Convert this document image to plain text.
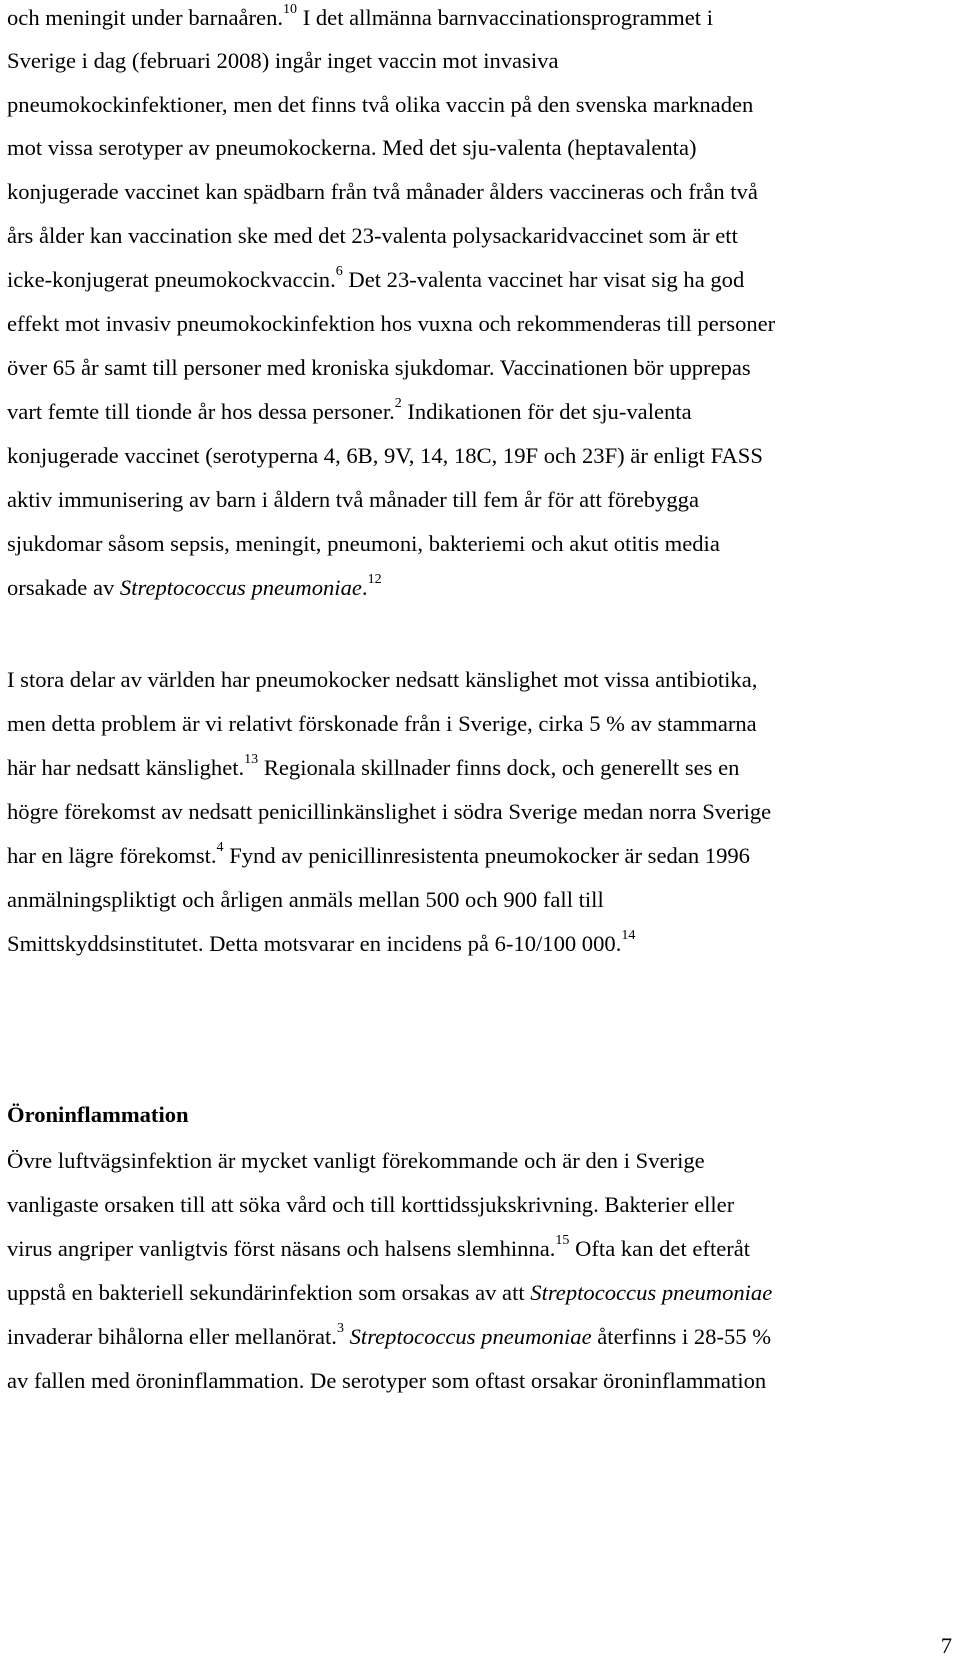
och meningit under barnaåren.$^{10}$ I det allmänna barnvaccinationsprogrammet i
Sverige i dag (februari 2008) ingår inget vaccin mot invasiva
pneumokockinfektioner, men det finns två olika vaccin på den svenska marknaden
mot vissa serotyper av pneumokockerna. Med det sju-valenta (heptavalenta)
konjugerade vaccinet kan spädbarn från två månader ålders vaccineras och från två
års ålder kan vaccination ske med det 23-valenta polysackaridvaccinet som är ett
icke-konjugerat pneumokockvaccin.$^6$ Det 23-valenta vaccinet har visat sig ha god
effekt mot invasiv pneumokockinfektion hos vuxna och rekommenderas till personer
över 65 år samt till personer med kroniska sjukdomar. Vaccinationen bör upprepas
vart femte till tionde år hos dessa personer.$^2$ Indikationen för det sju-valenta
konjugerade vaccinet (serotyperna 4, 6B, 9V, 14, 18C, 19F och 23F) är enligt FASS
aktiv immunisering av barn i åldern två månader till fem år för att förebygga
sjukdomar såsom sepsis, meningit, pneumoni, bakteriemi och akut otitis media
orsakade av Streptococcus pneumoniae.$^{12}$
I stora delar av världen har pneumokocker nedsatt känslighet mot vissa antibiotika,
men detta problem är vi relativt förskonade från i Sverige, cirka 5 % av stammarna
här har nedsatt känslighet.$^{13}$ Regionala skillnader finns dock, och generellt ses en
högre förekomst av nedsatt penicillinkänslighet i södra Sverige medan norra Sverige
har en lägre förekomst.$^4$ Fynd av penicillinresistenta pneumokocker är sedan 1996
anmälningspliktigt och årligen anmäls mellan 500 och 900 fall till
Smittskyddsinstitutet. Detta motsvarar en incidens på 6-10/100 000.14
Öroninflammation
Övre luftvägsinfektion är mycket vanligt förekommande och är den i Sverige
vanligaste orsaken till att söka vård och till korttidssjukskrivning. Bakterier eller
virus angriper vanligtvis först näsans och halsens slemhinna.$^{15}$ Ofta kan det efteråt
uppstå en bakteriell sekundärinfektion som orsakas av att Streptococcus pneumoniae
invaderar bihålorna eller mellanörat.$^3$ Streptococcus pneumoniae återfinns i 28-55 %
av fallen med öroninflammation. De serotyper som oftast orsakar öroninflammation
7
